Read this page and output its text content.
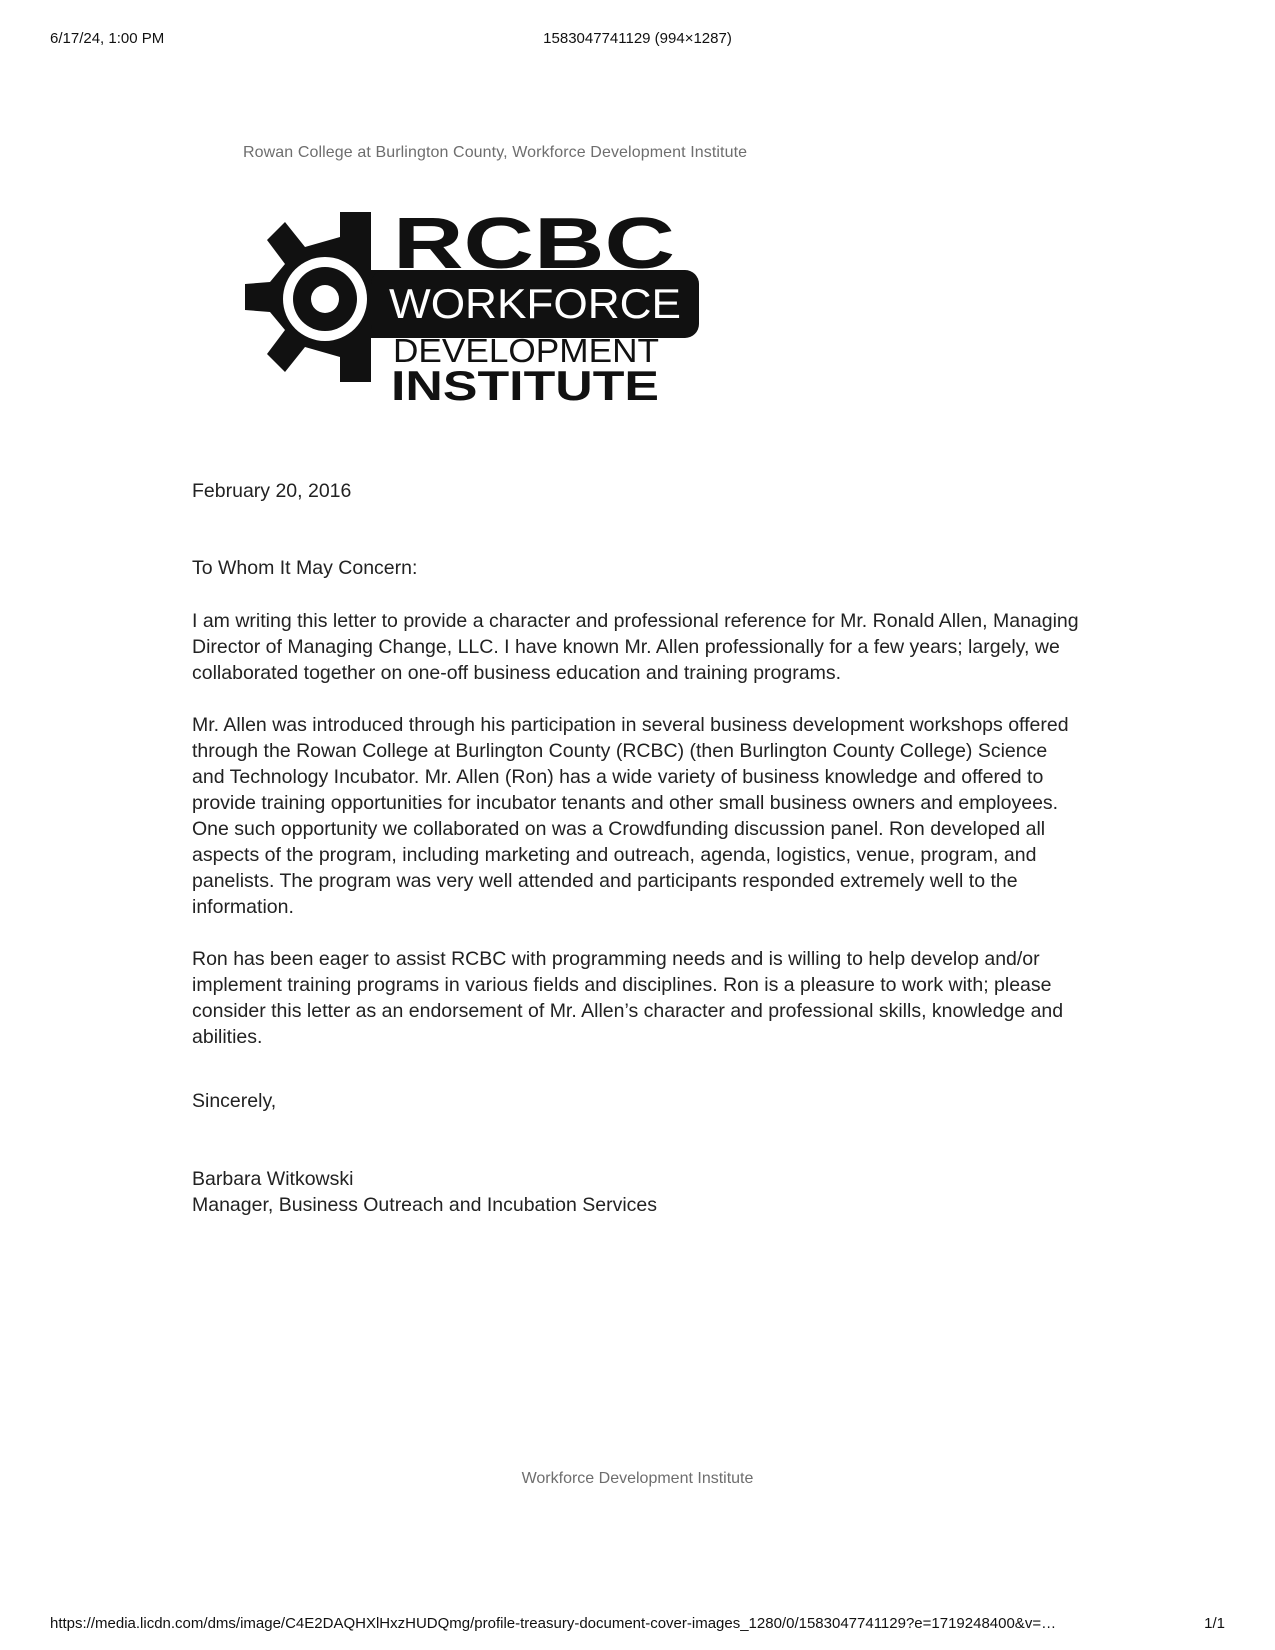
6/17/24, 1:00 PM	1583047741129 (994×1287)
Rowan College at Burlington County, Workforce Development Institute
RCBC
WORKFORCE
DEVELOPMENT
INSTITUTE
February 20, 2016
To Whom It May Concern:

I am writing this letter to provide a character and professional reference for Mr. Ronald Allen, Managing Director of Managing Change, LLC. I have known Mr. Allen professionally for a few years; largely, we collaborated together on one-off business education and training programs.

Mr. Allen was introduced through his participation in several business development workshops offered through the Rowan College at Burlington County (RCBC) (then Burlington County College) Science and Technology Incubator. Mr. Allen (Ron) has a wide variety of business knowledge and offered to provide training opportunities for incubator tenants and other small business owners and employees. One such opportunity we collaborated on was a Crowdfunding discussion panel. Ron developed all aspects of the program, including marketing and outreach, agenda, logistics, venue, program, and panelists. The program was very well attended and participants responded extremely well to the information.

Ron has been eager to assist RCBC with programming needs and is willing to help develop and/or implement training programs in various fields and disciplines. Ron is a pleasure to work with; please consider this letter as an endorsement of Mr. Allen’s character and professional skills, knowledge and abilities.

Sincerely,
Barbara Witkowski
Manager, Business Outreach and Incubation Services
Workforce Development Institute
https://media.licdn.com/dms/image/C4E2DAQHXlHxzHUDQmg/profile-treasury-document-cover-images_1280/0/1583047741129?e=1719248400&v=…	1/1
